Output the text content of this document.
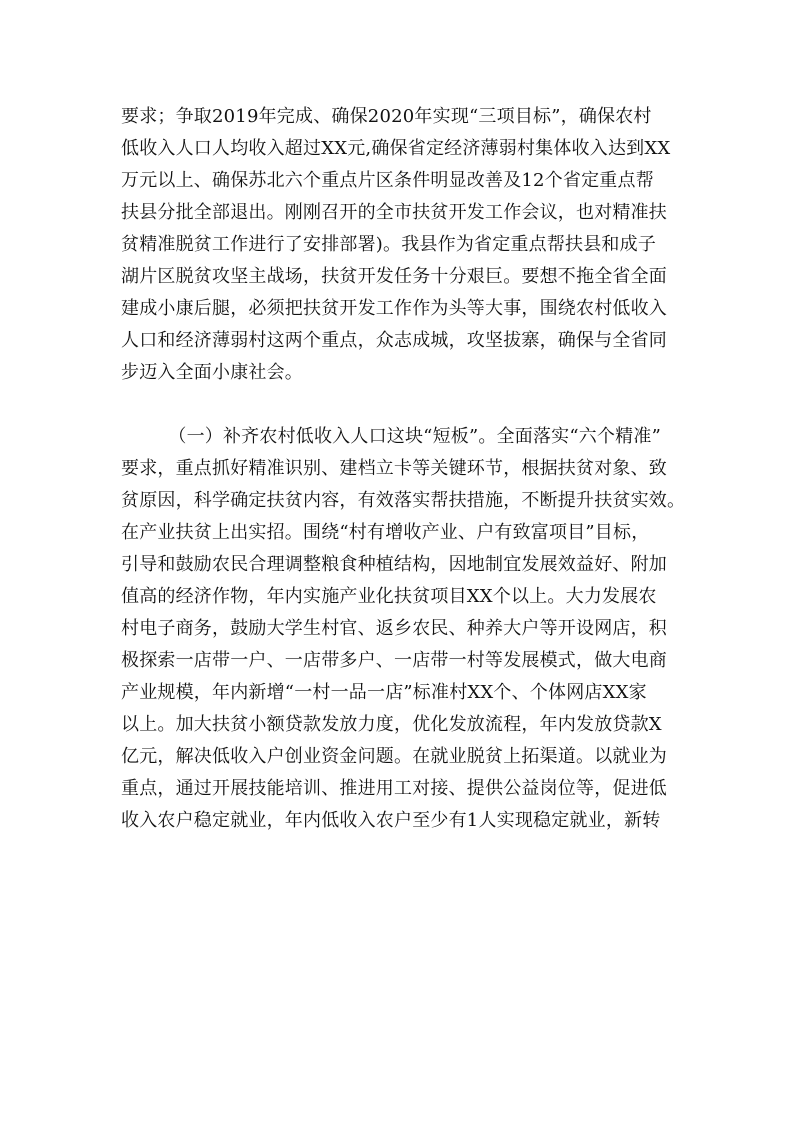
要求；争取2019年完成、确保2020年实现“三项目标”，确保农村
低收入人口人均收入超过XX元,确保省定经济薄弱村集体收入达到XX
万元以上、确保苏北六个重点片区条件明显改善及12个省定重点帮
扶县分批全部退出。刚刚召开的全市扶贫开发工作会议，也对精准扶
贫精准脱贫工作进行了安排部署)。我县作为省定重点帮扶县和成子
湖片区脱贫攻坚主战场，扶贫开发任务十分艰巨。要想不拖全省全面
建成小康后腿，必须把扶贫开发工作作为头等大事，围绕农村低收入
人口和经济薄弱村这两个重点，众志成城，攻坚拔寨，确保与全省同
步迈入全面小康社会。
（一）补齐农村低收入人口这块“短板”。全面落实“六个精准”
要求，重点抓好精准识别、建档立卡等关键环节，根据扶贫对象、致
贫原因，科学确定扶贫内容，有效落实帮扶措施，不断提升扶贫实效。
在产业扶贫上出实招。围绕“村有增收产业、户有致富项目”目标，
引导和鼓励农民合理调整粮食种植结构，因地制宜发展效益好、附加
值高的经济作物，年内实施产业化扶贫项目XX个以上。大力发展农
村电子商务，鼓励大学生村官、返乡农民、种养大户等开设网店，积
极探索一店带一户、一店带多户、一店带一村等发展模式，做大电商
产业规模，年内新增“一村一品一店”标准村XX个、个体网店XX家
以上。加大扶贫小额贷款发放力度，优化发放流程，年内发放贷款X
亿元，解决低收入户创业资金问题。在就业脱贫上拓渠道。以就业为
重点，通过开展技能培训、推进用工对接、提供公益岗位等，促进低
收入农户稳定就业，年内低收入农户至少有1人实现稳定就业，新转
